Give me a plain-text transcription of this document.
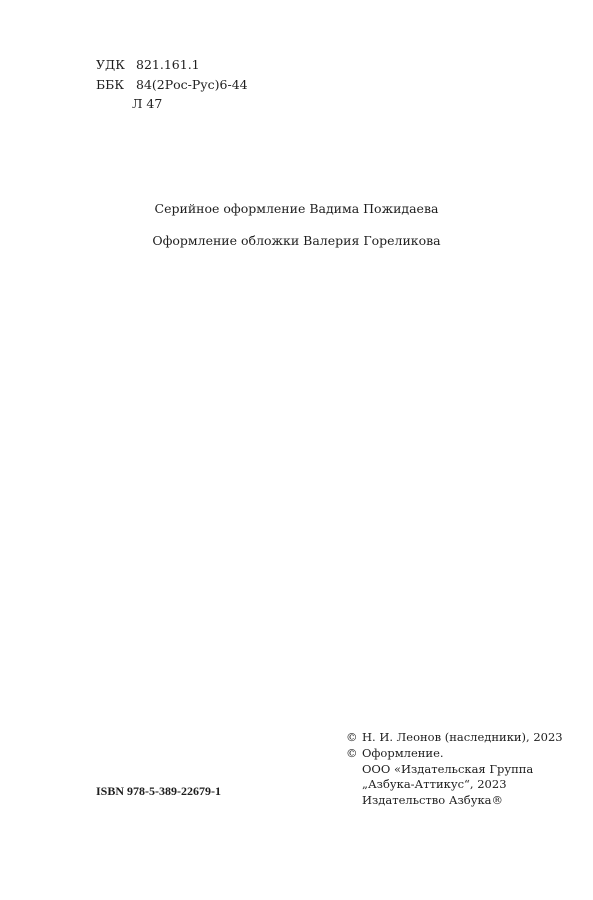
УДК 821.161.1
ББК 84(2Рос-Рус)6-44
Л 47
Серийное оформление Вадима Пожидаева
Оформление обложки Валерия Гореликова
ISBN 978-5-389-22679-1
© Н. И. Леонов (наследники), 2023
© Оформление.
ООО «Издательская Группа
„Азбука-Аттикус“, 2023
Издательство Азбука®
